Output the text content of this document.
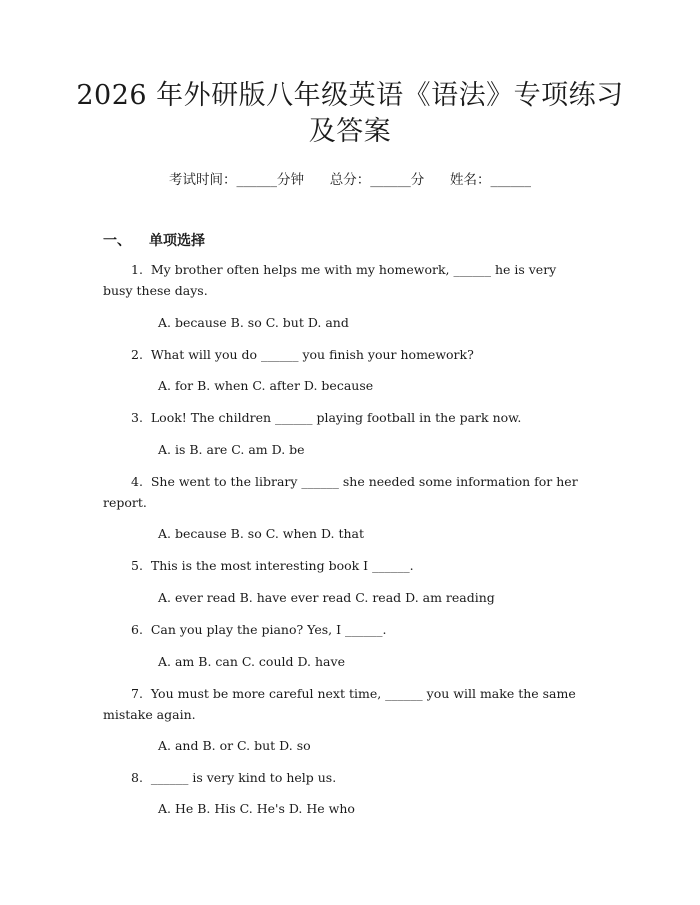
2026 年外研版八年级英语《语法》专项练习
及答案
考试时间：______分钟      总分：______分      姓名：______
一、 单项选择
1.  My brother often helps me with my homework, ______ he is very busy these days.
A. because B. so C. but D. and
2.  What will you do ______ you finish your homework?
A. for B. when C. after D. because
3.  Look! The children ______ playing football in the park now.
A. is B. are C. am D. be
4.  She went to the library ______ she needed some information for her report.
A. because B. so C. when D. that
5.  This is the most interesting book I ______.
A. ever read B. have ever read C. read D. am reading
6.  Can you play the piano? Yes, I ______.
A. am B. can C. could D. have
7.  You must be more careful next time, ______ you will make the same mistake again.
A. and B. or C. but D. so
8.  ______ is very kind to help us.
A. He B. His C. He's D. He who
